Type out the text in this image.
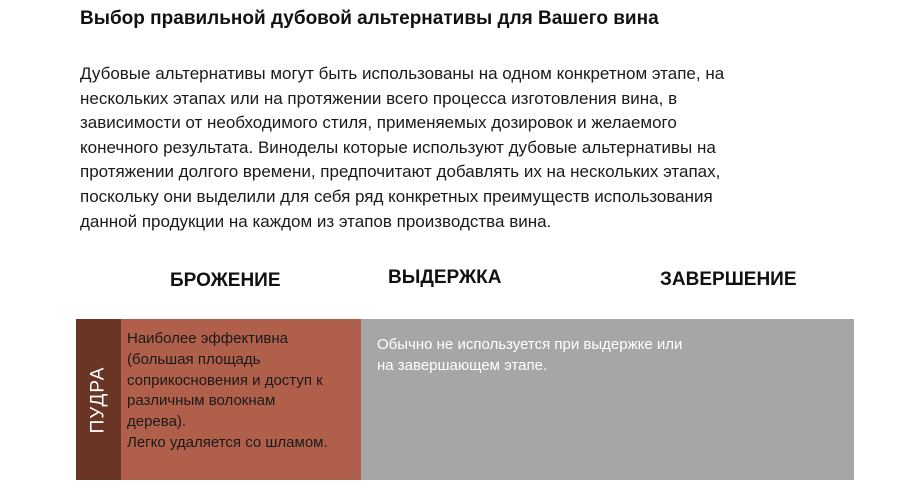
Выбор правильной дубовой альтернативы для Вашего вина
Дубовые альтернативы могут быть использованы на одном конкретном этапе, на
нескольких этапах или на протяжении всего процесса изготовления вина, в
зависимости от необходимого стиля, применяемых дозировок и желаемого
конечного результата. Виноделы которые используют дубовые альтернативы на
протяжении долгого времени, предпочитают добавлять их на нескольких этапах,
поскольку они выделили для себя ряд конкретных преимуществ использования
данной продукции на каждом из этапов производства вина.
БРОЖЕНИЕ	ВЫДЕРЖКА	ЗАВЕРШЕНИЕ
ПУДРА
Наиболее эффективна
(большая площадь
соприкосновения и доступ к
различным волокнам
дерева).
Легко удаляется со шламом.
Обычно не используется при выдержке или
на завершающем этапе.
